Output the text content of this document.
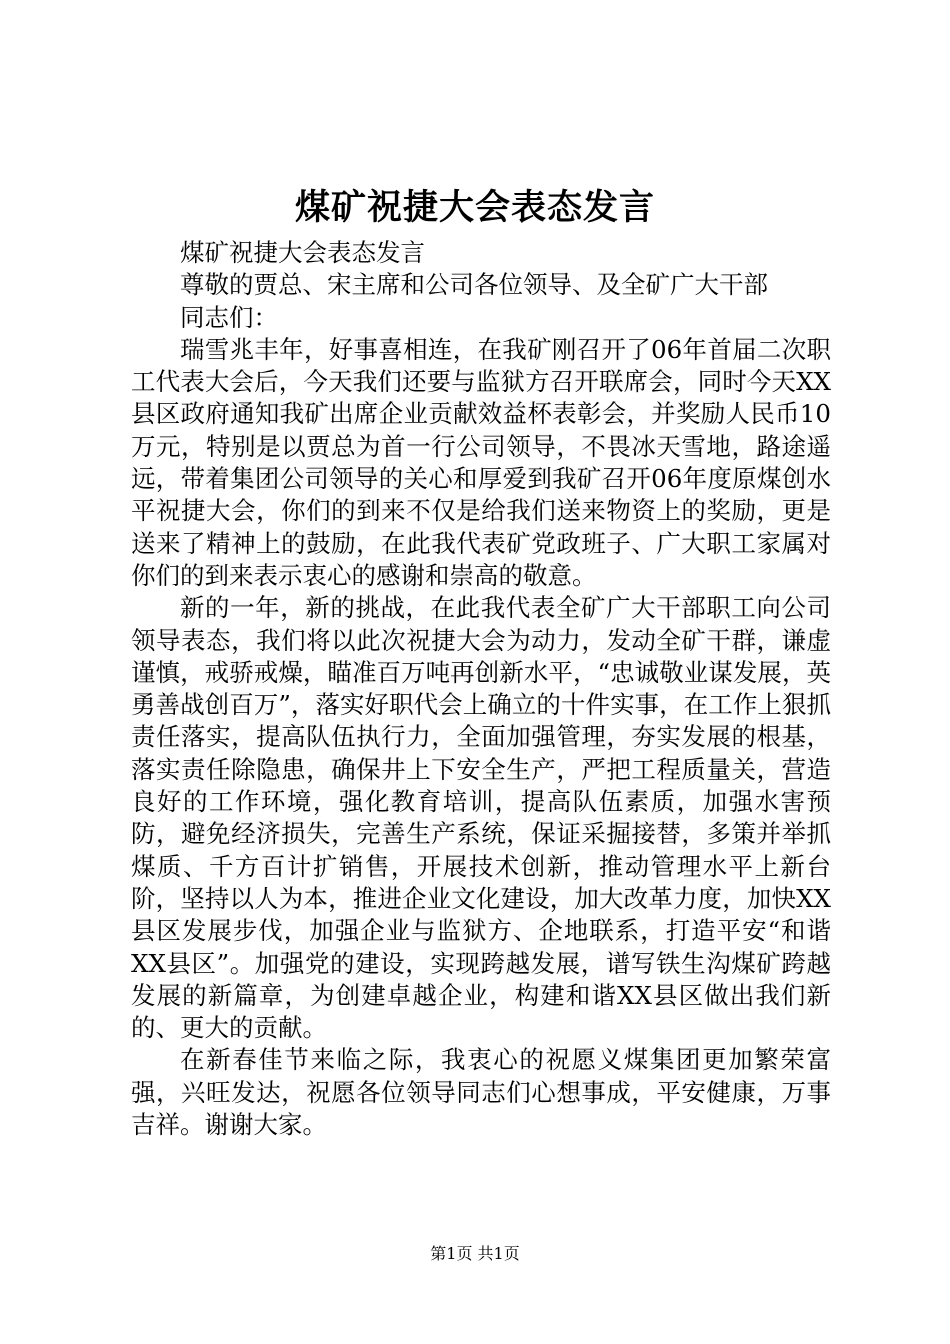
煤矿祝捷大会表态发言

煤矿祝捷大会表态发言

尊敬的贾总、宋主席和公司各位领导、及全矿广大干部

同志们：

瑞雪兆丰年，好事喜相连，在我矿刚召开了06年首届二次职工代表大会后，今天我们还要与监狱方召开联席会，同时今天XX县区政府通知我矿出席企业贡献效益杯表彰会，并奖励人民币10万元，特别是以贾总为首一行公司领导，不畏冰天雪地，路途遥远，带着集团公司领导的关心和厚爱到我矿召开06年度原煤创水平祝捷大会，你们的到来不仅是给我们送来物资上的奖励，更是送来了精神上的鼓励，在此我代表矿党政班子、广大职工家属对你们的到来表示衷心的感谢和崇高的敬意。

新的一年，新的挑战，在此我代表全矿广大干部职工向公司领导表态，我们将以此次祝捷大会为动力，发动全矿干群，谦虚谨慎，戒骄戒燥，瞄准百万吨再创新水平，“忠诚敬业谋发展，英勇善战创百万”，落实好职代会上确立的十件实事，在工作上狠抓责任落实，提高队伍执行力，全面加强管理，夯实发展的根基，落实责任除隐患，确保井上下安全生产，严把工程质量关，营造良好的工作环境，强化教育培训，提高队伍素质，加强水害预防，避免经济损失，完善生产系统，保证采掘接替，多策并举抓煤质、千方百计扩销售，开展技术创新，推动管理水平上新台阶，坚持以人为本，推进企业文化建设，加大改革力度，加快XX县区发展步伐，加强企业与监狱方、企地联系，打造平安“和谐XX县区”。加强党的建设，实现跨越发展，谱写铁生沟煤矿跨越发展的新篇章，为创建卓越企业，构建和谐XX县区做出我们新的、更大的贡献。

在新春佳节来临之际，我衷心的祝愿义煤集团更加繁荣富强，兴旺发达，祝愿各位领导同志们心想事成，平安健康，万事吉祥。谢谢大家。

第1页 共1页
